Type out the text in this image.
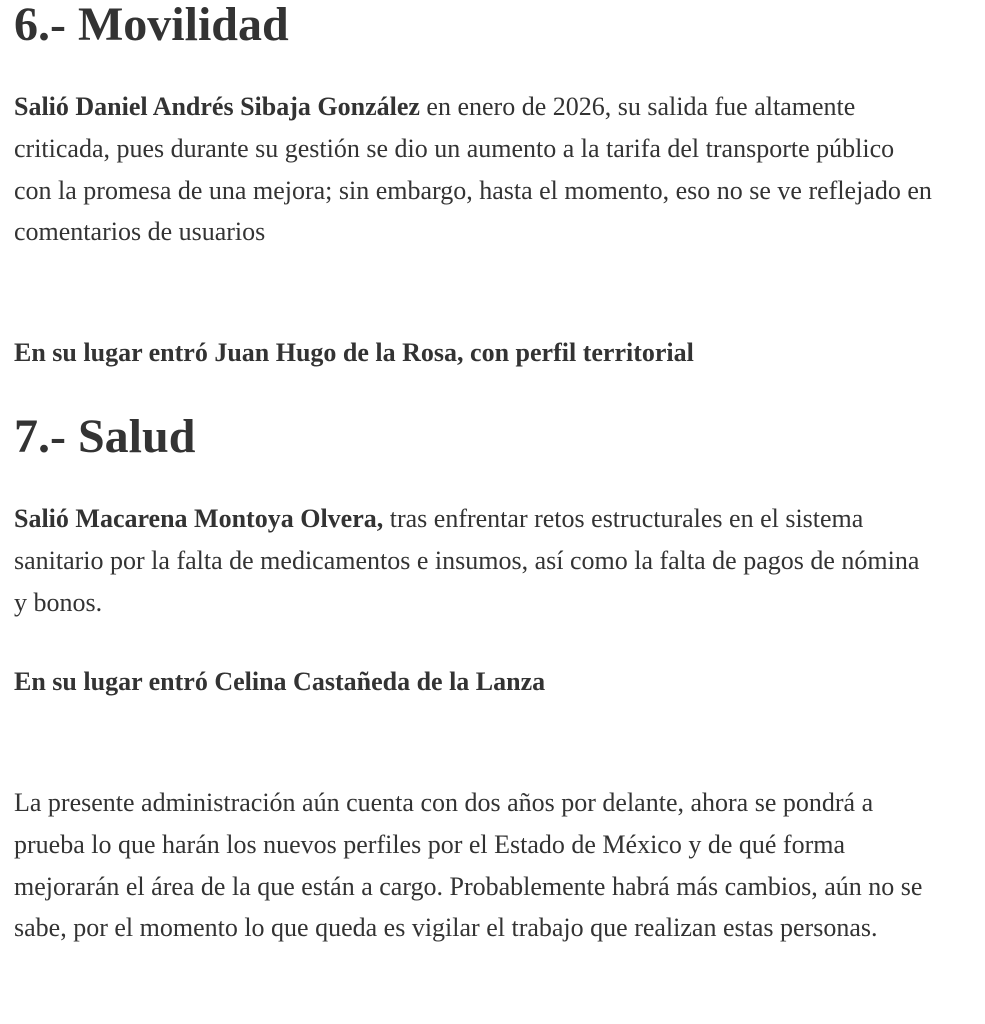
6.- Movilidad

Salió Daniel Andrés Sibaja González en enero de 2026, su salida fue altamente criticada, pues durante su gestión se dio un aumento a la tarifa del transporte público con la promesa de una mejora; sin embargo, hasta el momento, eso no se ve reflejado en comentarios de usuarios

En su lugar entró Juan Hugo de la Rosa, con perfil territorial

7.- Salud

Salió Macarena Montoya Olvera, tras enfrentar retos estructurales en el sistema sanitario por la falta de medicamentos e insumos, así como la falta de pagos de nómina y bonos.

En su lugar entró Celina Castañeda de la Lanza

La presente administración aún cuenta con dos años por delante, ahora se pondrá a prueba lo que harán los nuevos perfiles por el Estado de México y de qué forma mejorarán el área de la que están a cargo. Probablemente habrá más cambios, aún no se sabe, por el momento lo que queda es vigilar el trabajo que realizan estas personas.
